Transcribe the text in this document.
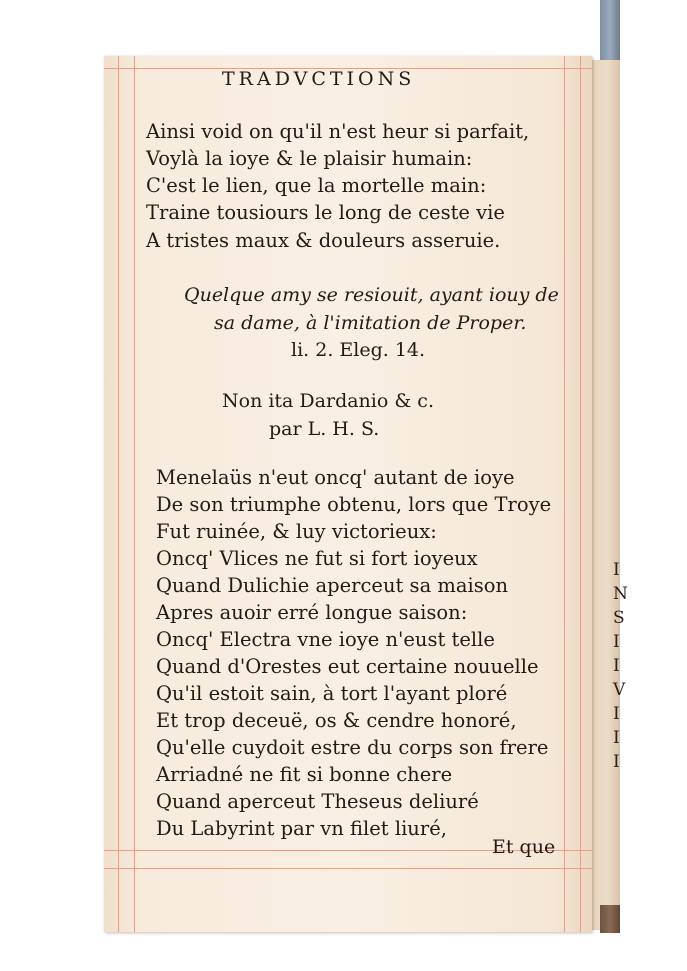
I
N
S
I
I
V
I
I
I
TRADVCTIONS
Ainsi void on qu'il n'est heur si parfait,
Voylà la ioye & le plaisir humain:
C'est le lien, que la mortelle main:
Traine tousiours le long de ceste vie
A tristes maux & douleurs asseruie.
Quelque amy se resiouit, ayant iouy de
sa dame, à l'imitation de Proper.
li. 2. Eleg. 14.
Non ita Dardanio & c.
par L. H. S.
Menelaüs n'eut oncq' autant de ioye
De son triumphe obtenu, lors que Troye
Fut ruinée, & luy victorieux:
Oncq' Vlices ne fut si fort ioyeux
Quand Dulichie aperceut sa maison
Apres auoir erré longue saison:
Oncq' Electra vne ioye n'eust telle
Quand d'Orestes eut certaine nouuelle
Qu'il estoit sain, à tort l'ayant ploré
Et trop deceuë, os & cendre honoré,
Qu'elle cuydoit estre du corps son frere
Arriadné ne fit si bonne chere
Quand aperceut Theseus deliuré
Du Labyrint par vn filet liuré,
Et que
